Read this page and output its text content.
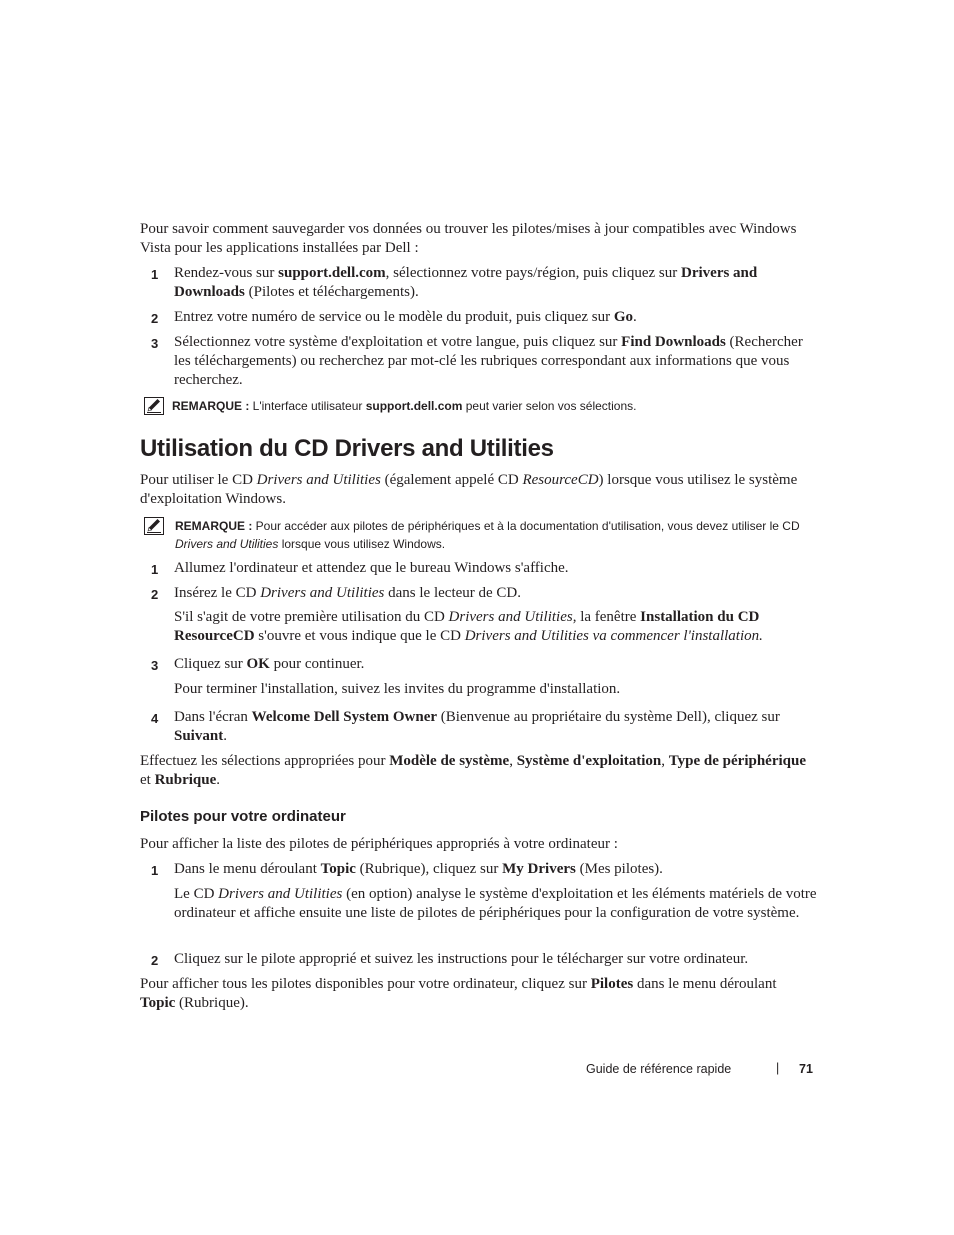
Pour savoir comment sauvegarder vos données ou trouver les pilotes/mises à jour compatibles avec Windows Vista pour les applications installées par Dell :

1 Rendez-vous sur support.dell.com, sélectionnez votre pays/région, puis cliquez sur Drivers and Downloads (Pilotes et téléchargements).

2 Entrez votre numéro de service ou le modèle du produit, puis cliquez sur Go.

3 Sélectionnez votre système d'exploitation et votre langue, puis cliquez sur Find Downloads (Rechercher les téléchargements) ou recherchez par mot-clé les rubriques correspondant aux informations que vous recherchez.

REMARQUE : L'interface utilisateur support.dell.com peut varier selon vos sélections.

Utilisation du CD Drivers and Utilities

Pour utiliser le CD Drivers and Utilities (également appelé CD ResourceCD) lorsque vous utilisez le système d'exploitation Windows.

REMARQUE : Pour accéder aux pilotes de périphériques et à la documentation d'utilisation, vous devez utiliser le CD Drivers and Utilities lorsque vous utilisez Windows.

1 Allumez l'ordinateur et attendez que le bureau Windows s'affiche.

2 Insérez le CD Drivers and Utilities dans le lecteur de CD.

S'il s'agit de votre première utilisation du CD Drivers and Utilities, la fenêtre Installation du CD ResourceCD s'ouvre et vous indique que le CD Drivers and Utilities va commencer l'installation.

3 Cliquez sur OK pour continuer.

Pour terminer l'installation, suivez les invites du programme d'installation.

4 Dans l'écran Welcome Dell System Owner (Bienvenue au propriétaire du système Dell), cliquez sur Suivant.

Effectuez les sélections appropriées pour Modèle de système, Système d'exploitation, Type de périphérique et Rubrique.

Pilotes pour votre ordinateur

Pour afficher la liste des pilotes de périphériques appropriés à votre ordinateur :

1 Dans le menu déroulant Topic (Rubrique), cliquez sur My Drivers (Mes pilotes).

Le CD Drivers and Utilities (en option) analyse le système d'exploitation et les éléments matériels de votre ordinateur et affiche ensuite une liste de pilotes de périphériques pour la configuration de votre système.

2 Cliquez sur le pilote approprié et suivez les instructions pour le télécharger sur votre ordinateur.

Pour afficher tous les pilotes disponibles pour votre ordinateur, cliquez sur Pilotes dans le menu déroulant Topic (Rubrique).

Guide de référence rapide	| 71
